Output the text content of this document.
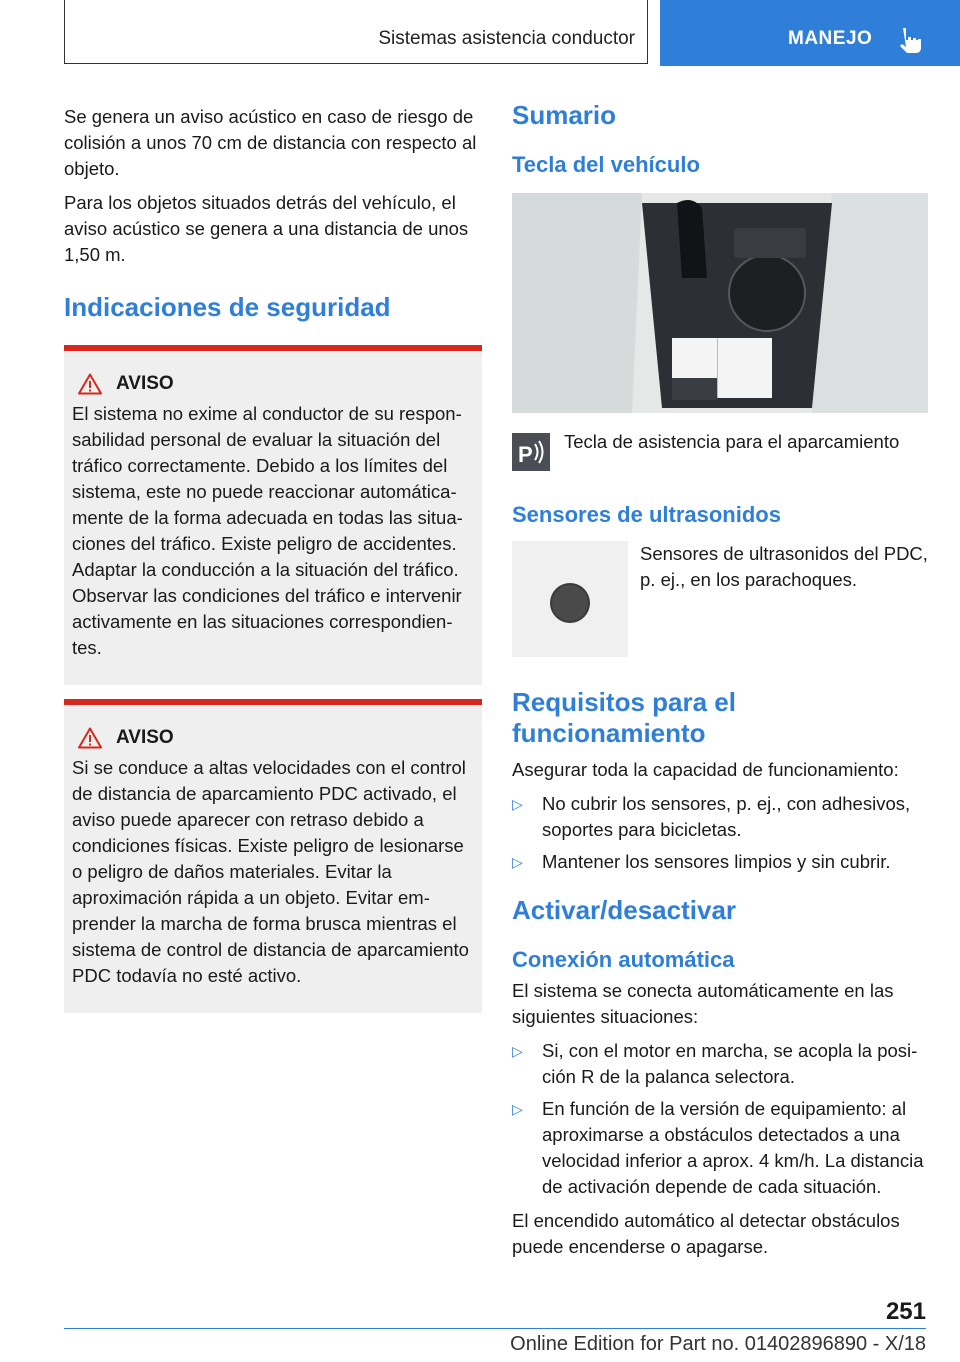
Sistemas asistencia conductor	MANEJO

Se genera un aviso acústico en caso de riesgo de colisión a unos 70 cm de distancia con respecto al objeto.

Para los objetos situados detrás del vehículo, el aviso acústico se genera a una distancia de unos 1,50 m.

Indicaciones de seguridad
AVISO
El sistema no exime al conductor de su responsabilidad personal de evaluar la situación del tráfico correctamente. Debido a los límites del sistema, este no puede reaccionar automáticamente de la forma adecuada en todas las situaciones del tráfico. Existe peligro de accidentes. Adaptar la conducción a la situación del tráfico. Observar las condiciones del tráfico e intervenir activamente en las situaciones correspondientes.
AVISO
Si se conduce a altas velocidades con el control de distancia de aparcamiento PDC activado, el aviso puede aparecer con retraso debido a condiciones físicas. Existe peligro de lesionarse o peligro de daños materiales. Evitar la aproximación rápida a un objeto. Evitar emprender la marcha de forma brusca mientras el sistema de control de distancia de aparcamiento PDC todavía no esté activo.
Sumario
Tecla del vehículo
P
Tecla de asistencia para el aparcamiento
Sensores de ultrasonidos
Sensores de ultrasonidos del PDC, p. ej., en los parachoques.
Requisitos para el funcionamiento

Asegurar toda la capacidad de funcionamiento:

▷ No cubrir los sensores, p. ej., con adhesivos, soportes para bicicletas.
▷ Mantener los sensores limpios y sin cubrir.
Activar/desactivar
Conexión automática

El sistema se conecta automáticamente en las siguientes situaciones:

▷ Si, con el motor en marcha, se acopla la posición R de la palanca selectora.
▷ En función de la versión de equipamiento: al aproximarse a obstáculos detectados a una velocidad inferior a aprox. 4 km/h. La distancia de activación depende de cada situación.

El encendido automático al detectar obstáculos puede encenderse o apagarse.

251
Online Edition for Part no. 01402896890 - X/18
